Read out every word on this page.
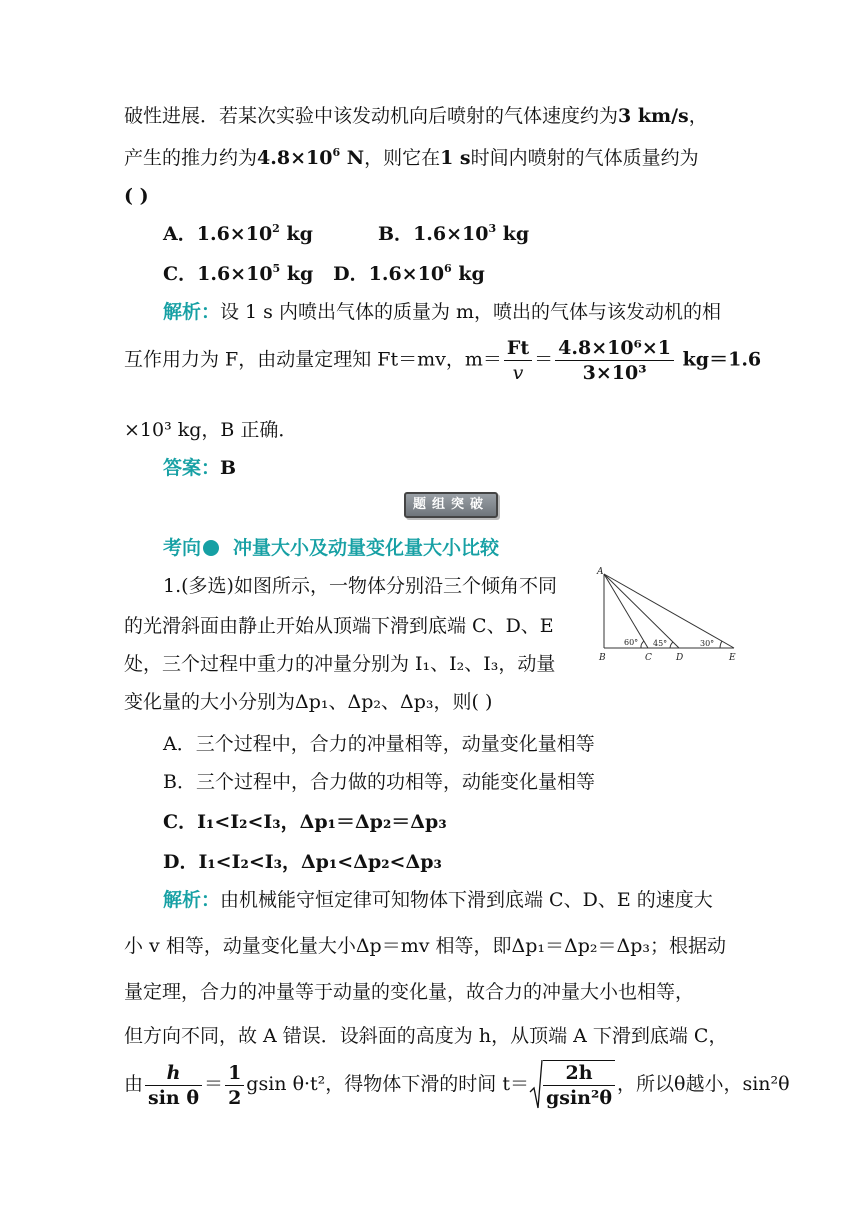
破性进展．若某次实验中该发动机向后喷射的气体速度约为3 km/s，
产生的推力约为$4.8\times 10^6$ N，则它在1 s时间内喷射的气体质量约为
( )
A．$1.6\times 10^2$ kg	B．$1.6\times 10^3$ kg
C．$1.6\times 10^5$ kg D．$1.6\times 10^6$ kg
解析：设 1 s 内喷出气体的质量为 m，喷出的气体与该发动机的相
互作用力为 F，由动量定理知 Ft＝mv，$m= \frac{Ft}{v} = \frac{\text{4.8×10⁶×1}}{\text{3×10³}} kg=1.6$
×10³ kg，B 正确．
答案：B
题组突破
考向 冲量大小及动量变化量大小比较
1.(多选)如图所示，一物体分别沿三个倾角不同
的光滑斜面由静止开始从顶端下滑到底端 C、D、E
处，三个过程中重力的冲量分别为 I₁、I₂、I₃，动量
变化量的大小分别为Δp₁、Δp₂、Δp₃，则( )
A
B	C	D	E
60° 45°	30°
A．三个过程中，合力的冲量相等，动量变化量相等
B．三个过程中，合力做的功相等，动能变化量相等
C．I₁<I₂<I₃，Δp₁＝Δp₂＝Δp₃
D．I₁<I₂<I₃，Δp₁<Δp₂<Δp₃
解析：由机械能守恒定律可知物体下滑到底端 C、D、E 的速度大
小 v 相等，动量变化量大小Δp＝mv 相等，即Δp₁＝Δp₂＝Δp₃；根据动
量定理，合力的冲量等于动量的变化量，故合力的冲量大小也相等，
但方向不同，故 A 错误．设斜面的高度为 h，从顶端 A 下滑到底端 C，
由 $\frac{h}{\text{sin θ}} = \frac{1}{2}$ gsin θ·t²，得物体下滑的时间 $t= \frac{2h}{\text{gsin²θ}}$ ，所以θ越小，sin²θ
